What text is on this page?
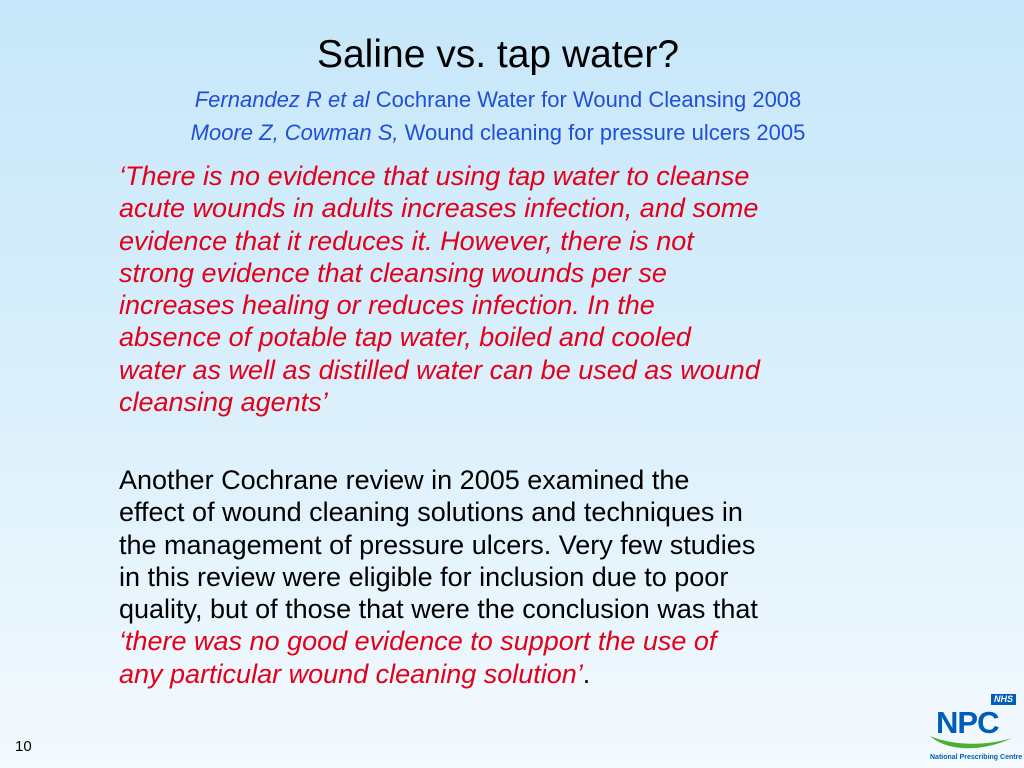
Saline vs. tap water?
Fernandez R et al Cochrane Water for Wound Cleansing 2008
Moore Z, Cowman S, Wound cleaning for pressure ulcers 2005
‘There is no evidence that using tap water to cleanse
acute wounds in adults increases infection, and some
evidence that it reduces it. However, there is not
strong evidence that cleansing wounds per se
increases healing or reduces infection. In the
absence of potable tap water, boiled and cooled
water as well as distilled water can be used as wound
cleansing agents’
Another Cochrane review in 2005 examined the
effect of wound cleaning solutions and techniques in
the management of pressure ulcers. Very few studies
in this review were eligible for inclusion due to poor
quality, but of those that were the conclusion was that
‘there was no good evidence to support the use of
any particular wound cleaning solution’.
10
NHS
NPC
National Prescribing Centre
